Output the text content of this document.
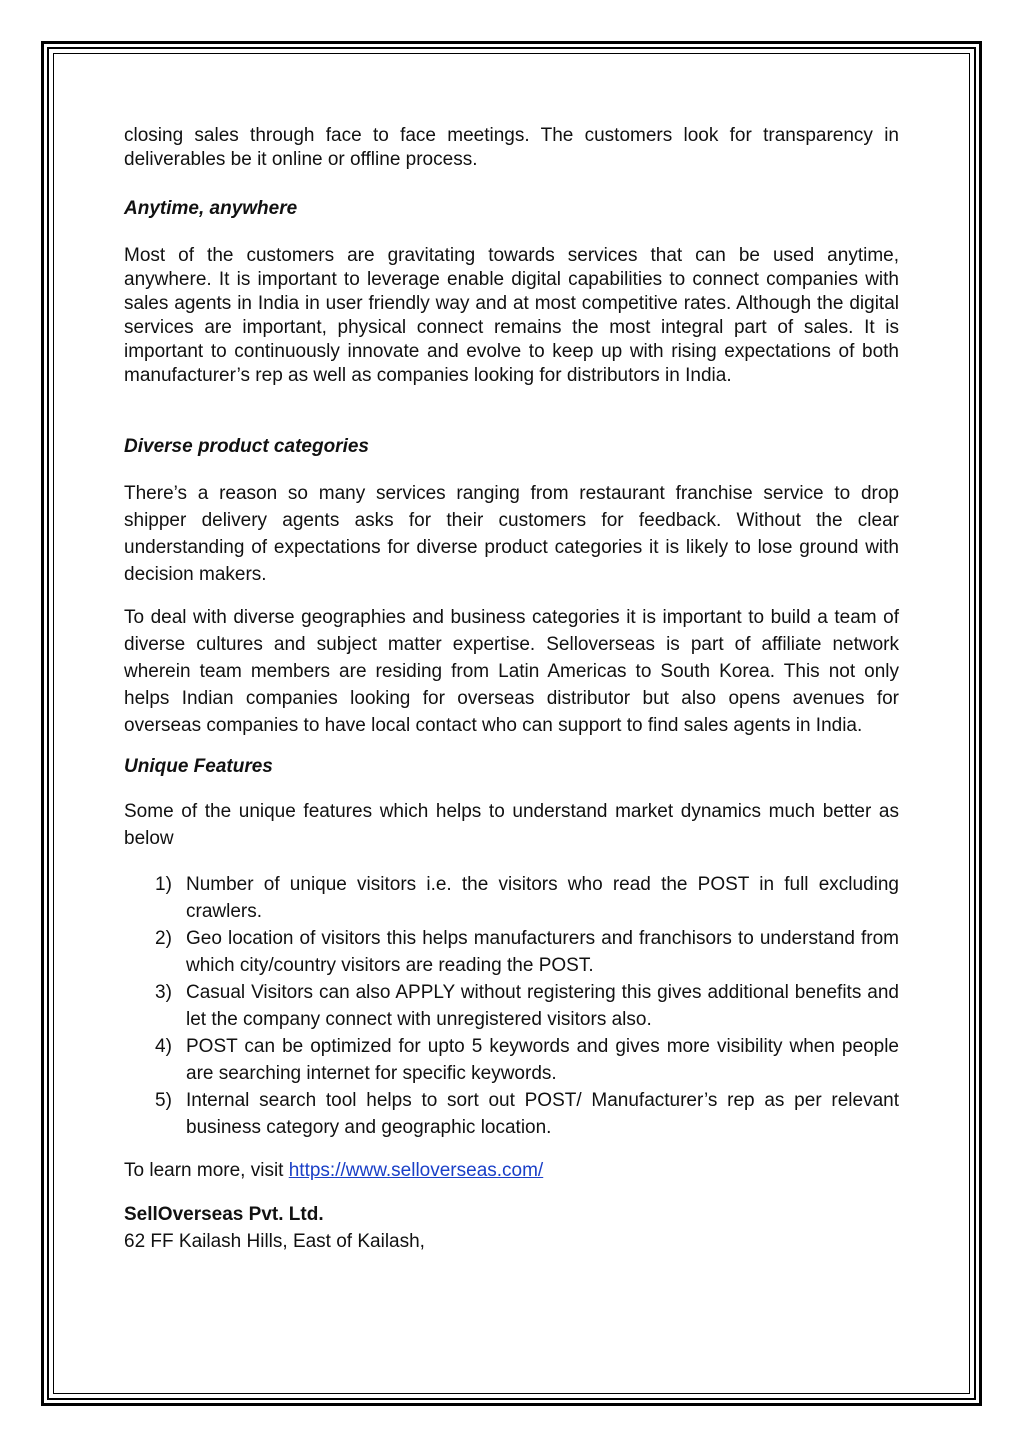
closing sales through face to face meetings. The customers look for transparency in deliverables be it online or offline process.

Anytime, anywhere

Most of the customers are gravitating towards services that can be used anytime, anywhere. It is important to leverage enable digital capabilities to connect companies with sales agents in India in user friendly way and at most competitive rates. Although the digital services are important, physical connect remains the most integral part of sales. It is important to continuously innovate and evolve to keep up with rising expectations of both manufacturer’s rep as well as companies looking for distributors in India.

Diverse product categories

There’s a reason so many services ranging from restaurant franchise service to drop shipper delivery agents asks for their customers for feedback. Without the clear understanding of expectations for diverse product categories it is likely to lose ground with decision makers.

To deal with diverse geographies and business categories it is important to build a team of diverse cultures and subject matter expertise. Selloverseas is part of affiliate network wherein team members are residing from Latin Americas to South Korea. This not only helps Indian companies looking for overseas distributor but also opens avenues for overseas companies to have local contact who can support to find sales agents in India.

Unique Features

Some of the unique features which helps to understand market dynamics much better as below

1) Number of unique visitors i.e. the visitors who read the POST in full excluding crawlers.
2) Geo location of visitors this helps manufacturers and franchisors to understand from which city/country visitors are reading the POST.
3) Casual Visitors can also APPLY without registering this gives additional benefits and let the company connect with unregistered visitors also.
4) POST can be optimized for upto 5 keywords and gives more visibility when people are searching internet for specific keywords.
5) Internal search tool helps to sort out POST/ Manufacturer’s rep as per relevant business category and geographic location.

To learn more, visit https://www.selloverseas.com/

SellOverseas Pvt. Ltd.

62 FF Kailash Hills, East of Kailash,
